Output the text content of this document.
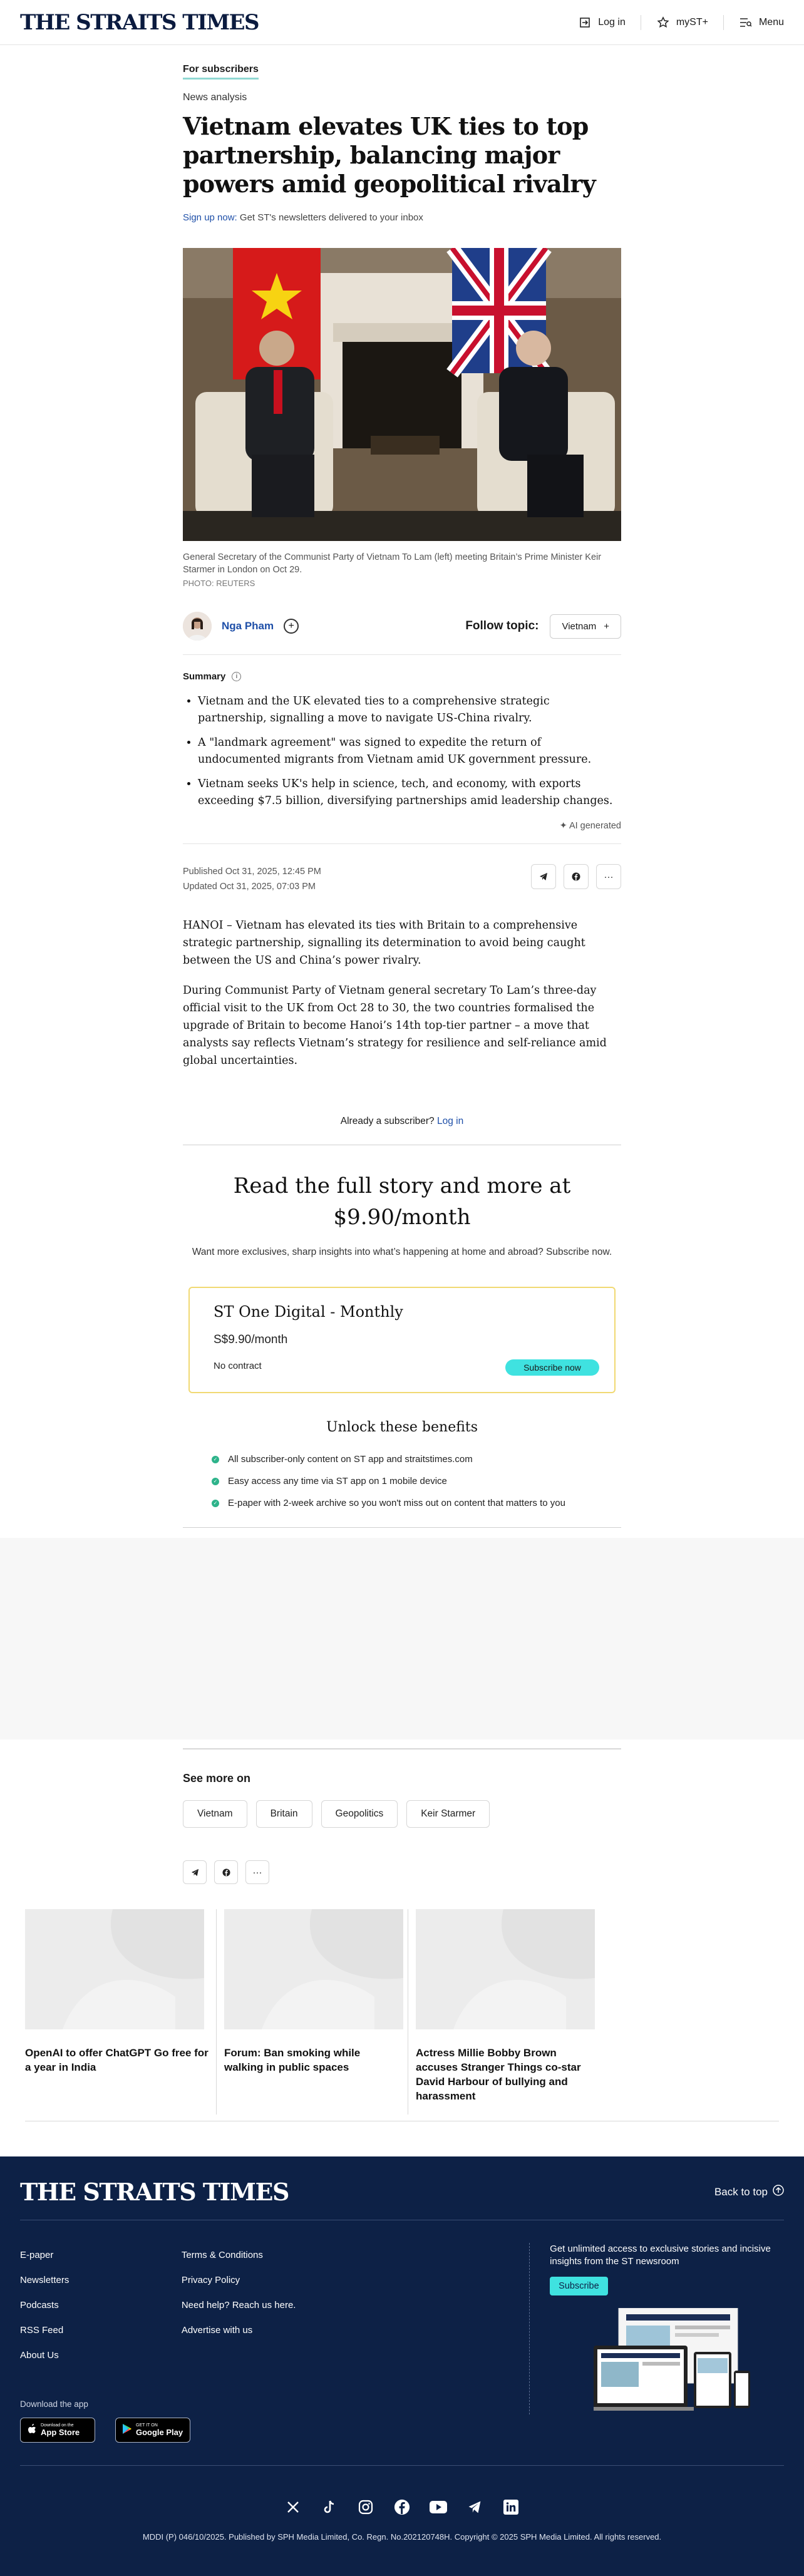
THE STRAITS TIMES	Log in	myST+	Menu
For subscribers
News analysis
Vietnam elevates UK ties to top partnership, balancing major powers amid geopolitical rivalry
Sign up now: Get ST's newsletters delivered to your inbox

General Secretary of the Communist Party of Vietnam To Lam (left) meeting Britain’s Prime Minister Keir Starmer in London on Oct 29.

PHOTO: REUTERS

Nga Pham	+	Follow topic: Vietnam +
Summary	i
• Vietnam and the UK elevated ties to a comprehensive strategic partnership, signalling a move to navigate US-China rivalry.
• A "landmark agreement" was signed to expedite the return of undocumented migrants from Vietnam amid UK government pressure.
• Vietnam seeks UK's help in science, tech, and economy, with exports exceeding $7.5 billion, diversifying partnerships amid leadership changes.
✦ AI generated
Published Oct 31, 2025, 12:45 PM
Updated Oct 31, 2025, 07:03 PM
···

HANOI – Vietnam has elevated its ties with Britain to a comprehensive strategic partnership, signalling its determination to avoid being caught between the US and China’s power rivalry.

During Communist Party of Vietnam general secretary To Lam’s three-day official visit to the UK from Oct 28 to 30, the two countries formalised the upgrade of Britain to become Hanoi’s 14th top-tier partner – a move that analysts say reflects Vietnam’s strategy for resilience and self-reliance amid global uncertainties.

Already a subscriber? Log in
Read the full story and more at
$9.90/month

Want more exclusives, sharp insights into what’s happening at home and abroad? Subscribe now.

ST One Digital - Monthly
S$9.90/month
No contract	Subscribe now
Unlock these benefits
✓ All subscriber-only content on ST app and straitstimes.com
✓ Easy access any time via ST app on 1 mobile device
✓ E-paper with 2-week archive so you won't miss out on content that matters to you
See more on
Vietnam	Britain	Geopolitics	Keir Starmer
···
OpenAI to offer ChatGPT Go free for a year in India
Forum: Ban smoking while walking in public spaces
Actress Millie Bobby Brown accuses Stranger Things co-star David Harbour of bullying and harassment
THE STRAITS TIMES	Back to top
E-paper
Newsletters
Podcasts
RSS Feed
About Us
Terms & Conditions
Privacy Policy
Need help? Reach us here.
Advertise with us
Get unlimited access to exclusive stories and incisive insights from the ST newsroom
Subscribe
Download the app
Download on the
App Store
GET IT ON
Google Play
MDDI (P) 046/10/2025. Published by SPH Media Limited, Co. Regn. No.202120748H. Copyright © 2025 SPH Media Limited. All rights reserved.
